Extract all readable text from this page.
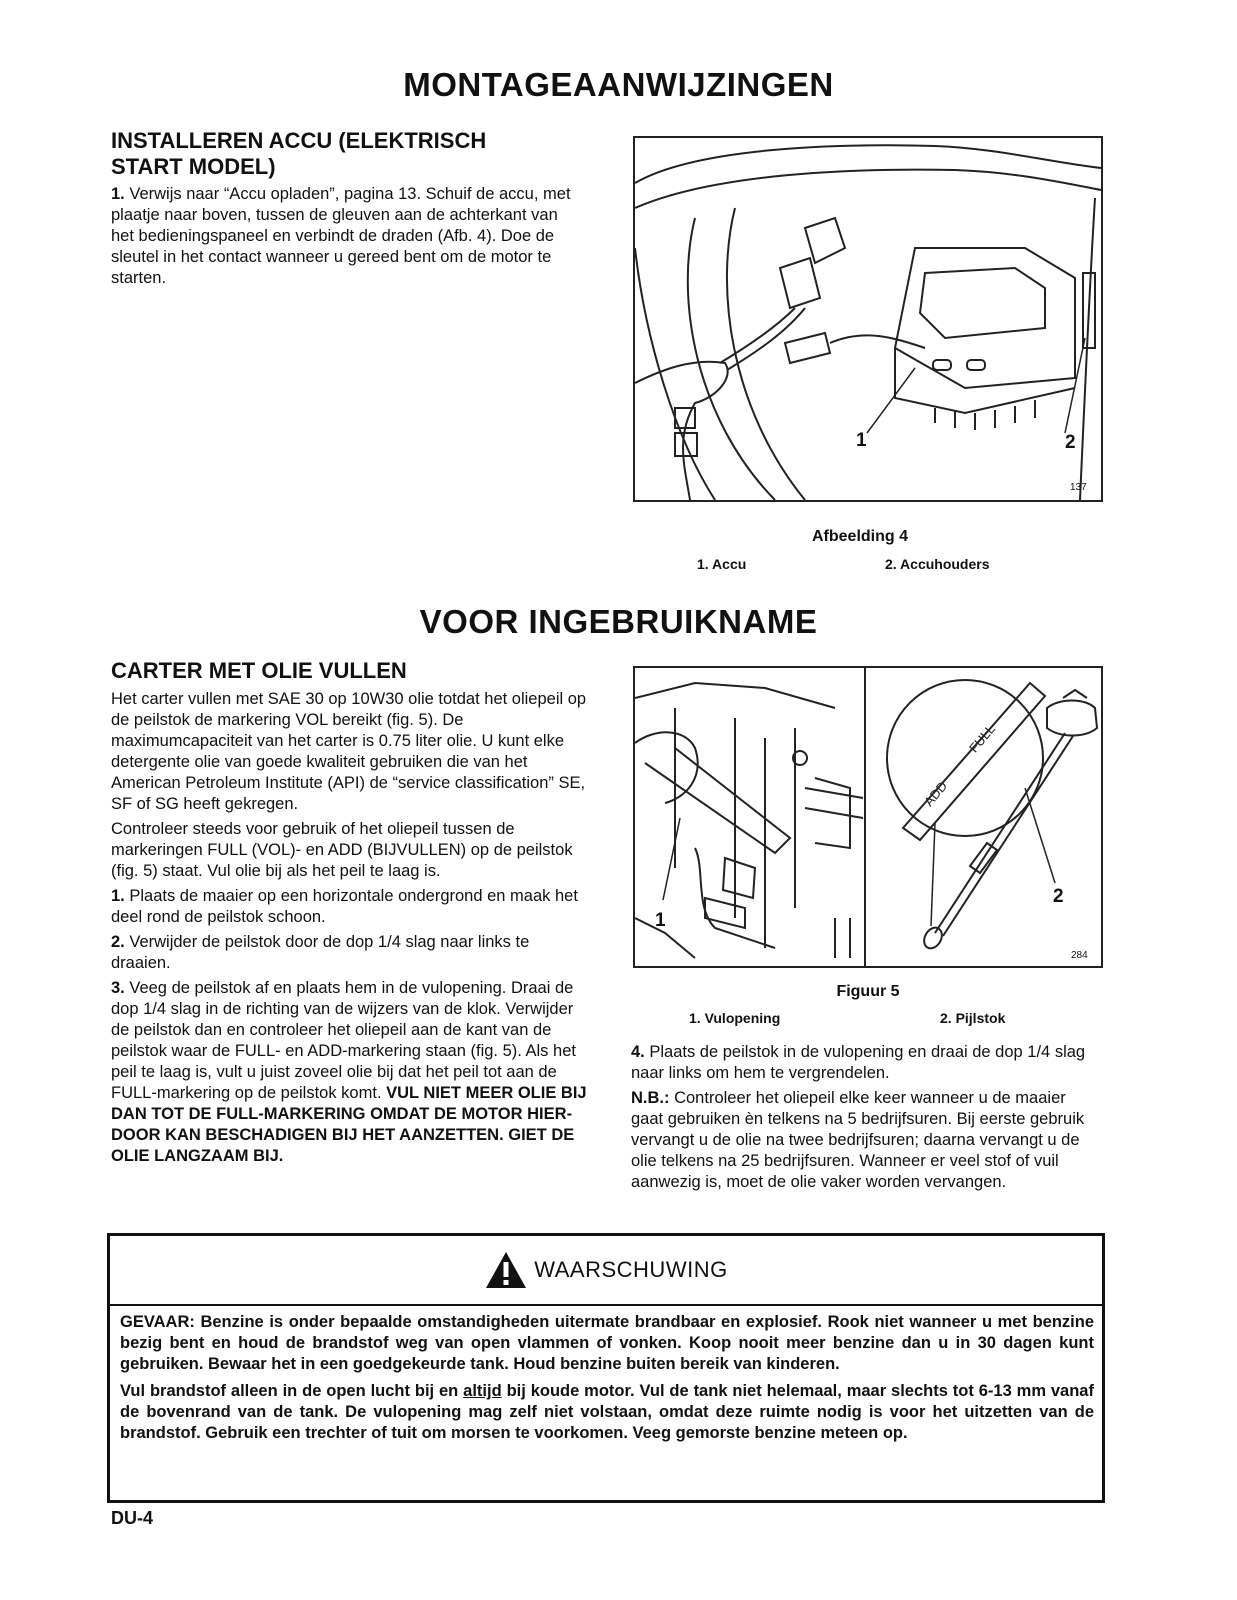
MONTAGEAANWIJZINGEN
INSTALLEREN ACCU (ELEKTRISCH START MODEL)

1. Verwijs naar “Accu opladen”, pagina 13. Schuif de accu, met plaatje naar boven, tussen de gleuven aan de achterkant van het bedieningspaneel en verbindt de draden (Afb. 4). Doe de sleutel in het contact wanneer u gereed bent om de motor te starten.

1	2
137
Afbeelding 4
1. Accu	2. Accuhouders
VOOR INGEBRUIKNAME
CARTER MET OLIE VULLEN

Het carter vullen met SAE 30 op 10W30 olie totdat het oliepeil op de peilstok de markering VOL bereikt (fig. 5). De maximumcapaciteit van het carter is 0.75 liter olie. U kunt elke detergente olie van goede kwaliteit gebruiken die van het American Petroleum Institute (API) de “service classification” SE, SF of SG heeft gekregen.

Controleer steeds voor gebruik of het oliepeil tussen de markeringen FULL (VOL)- en ADD (BIJVULLEN) op de peilstok (fig. 5) staat. Vul olie bij als het peil te laag is.

1. Plaats de maaier op een horizontale ondergrond en maak het deel rond de peilstok schoon.

2. Verwijder de peilstok door de dop 1/4 slag naar links te draaien.

3. Veeg de peilstok af en plaats hem in de vulopening. Draai de dop 1/4 slag in de richting van de wijzers van de klok. Verwijder de peilstok dan en controleer het oliepeil aan de kant van de peilstok waar de FULL- en ADD-markering staan (fig. 5). Als het peil te laag is, vult u juist zoveel olie bij dat het peil tot aan de FULL-markering op de peilstok komt. VUL NIET MEER OLIE BIJ DAN TOT DE FULL-MARKERING OMDAT DE MOTOR HIER-DOOR KAN BESCHADIGEN BIJ HET AANZETTEN. GIET DE OLIE LANGZAAM BIJ.

FULL
ADD
1
2
284
Figuur 5
1. Vulopening	2. Pijlstok

4. Plaats de peilstok in de vulopening en draai de dop 1/4 slag naar links om hem te vergrendelen.

N.B.: Controleer het oliepeil elke keer wanneer u de maaier gaat gebruiken èn telkens na 5 bedrijfsuren. Bij eerste gebruik vervangt u de olie na twee bedrijfsuren; daarna vervangt u de olie telkens na 25 bedrijfsuren. Wanneer er veel stof of vuil aanwezig is, moet de olie vaker worden vervangen.

WAARSCHUWING

GEVAAR: Benzine is onder bepaalde omstandigheden uitermate brandbaar en explosief. Rook niet wanneer u met benzine bezig bent en houd de brandstof weg van open vlammen of vonken. Koop nooit meer benzine dan u in 30 dagen kunt gebruiken. Bewaar het in een goedgekeurde tank. Houd benzine buiten bereik van kinderen.

Vul brandstof alleen in de open lucht bij en altijd bij koude motor. Vul de tank niet helemaal, maar slechts tot 6-13 mm vanaf de bovenrand van de tank. De vulopening mag zelf niet volstaan, omdat deze ruimte nodig is voor het uitzetten van de brandstof. Gebruik een trechter of tuit om morsen te voorkomen. Veeg gemorste benzine meteen op.

DU-4
